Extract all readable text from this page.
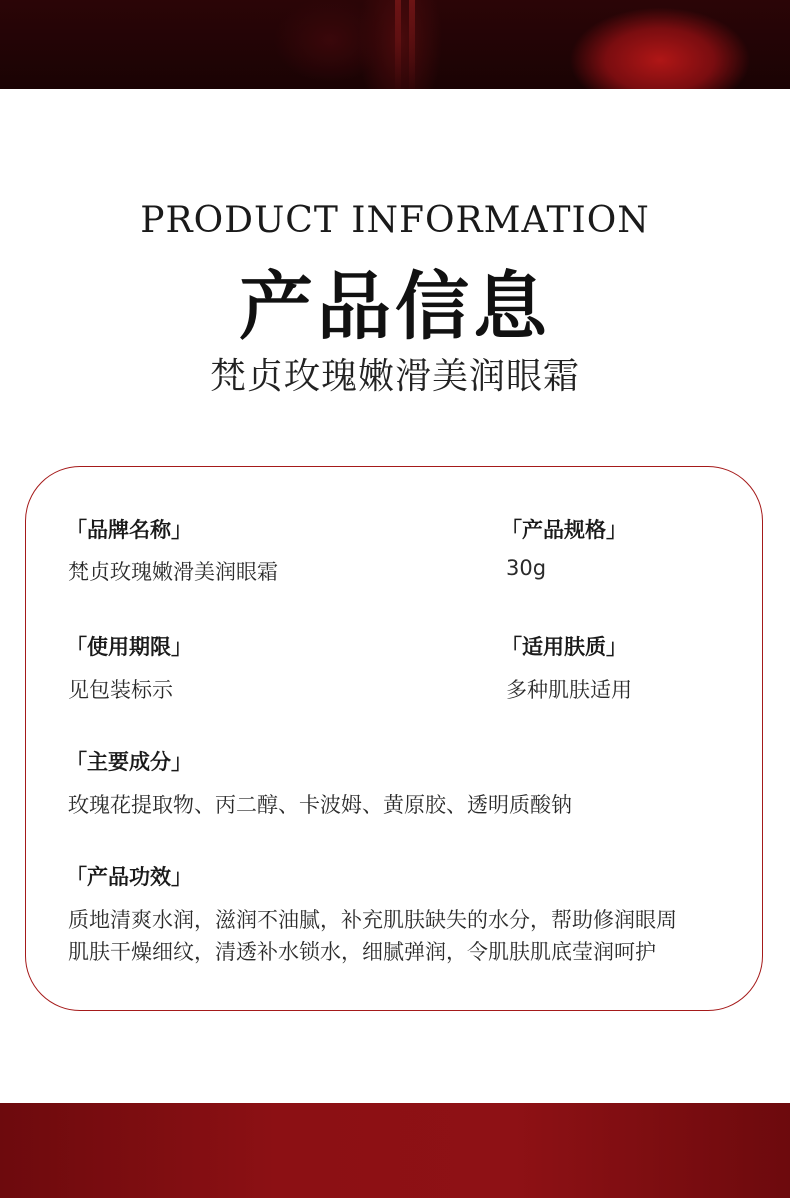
PRODUCT INFORMATION
产品信息
梵贞玫瑰嫩滑美润眼霜
「品牌名称」
梵贞玫瑰嫩滑美润眼霜
「产品规格」
30g
「使用期限」
见包装标示
「适用肤质」
多种肌肤适用
「主要成分」
玫瑰花提取物、丙二醇、卡波姆、黄原胶、透明质酸钠
「产品功效」
质地清爽水润，滋润不油腻，补充肌肤缺失的水分，帮助修润眼周
肌肤干燥细纹，清透补水锁水，细腻弹润，令肌肤肌底莹润呵护
